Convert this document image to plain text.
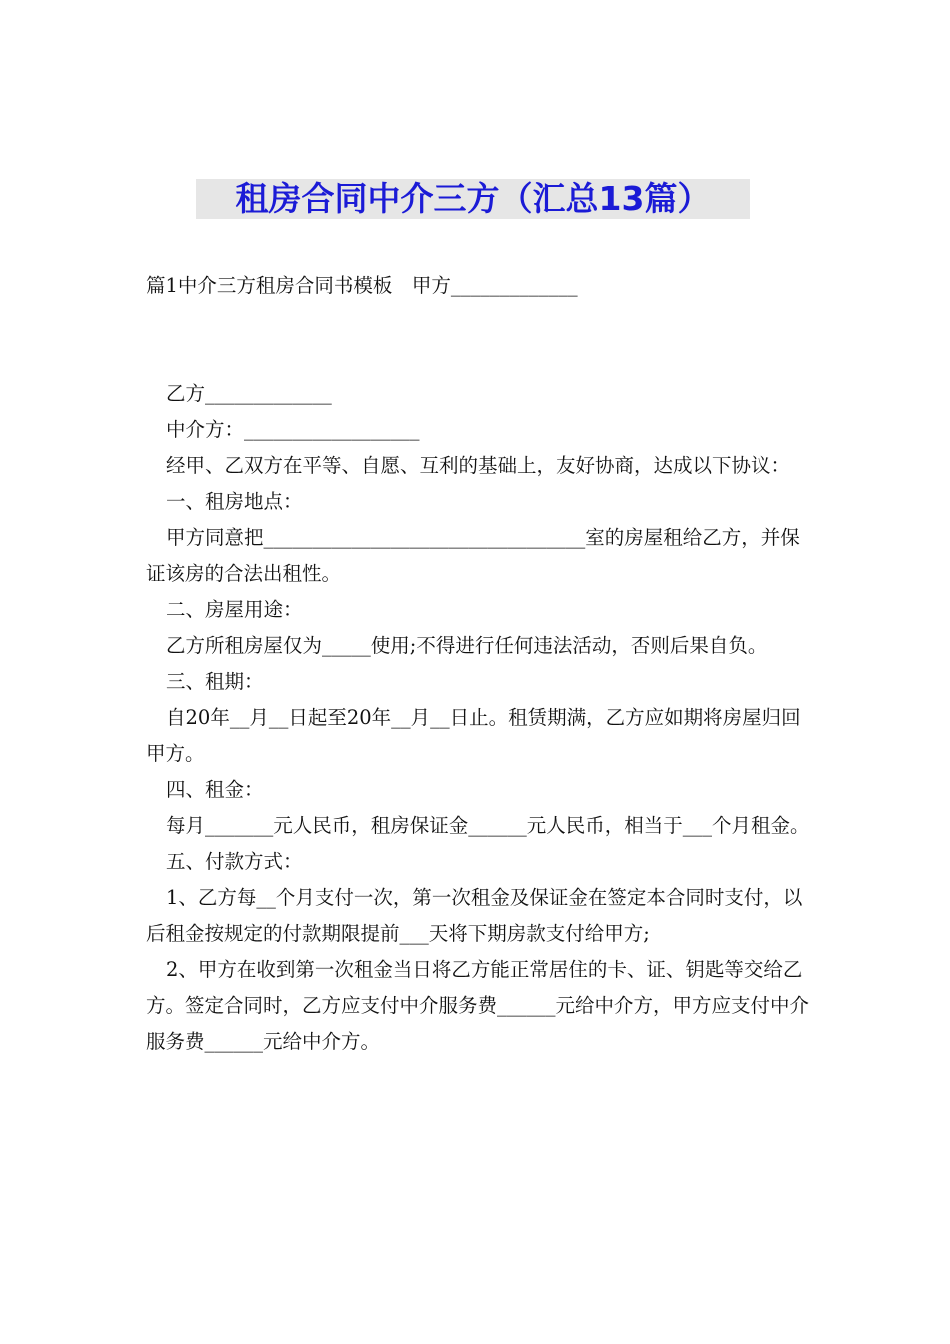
租房合同中介三方（汇总13篇）

篇1中介三方租房合同书模板　甲方_____________

乙方_____________

中介方：__________________

经甲、乙双方在平等、自愿、互利的基础上，友好协商，达成以下协议：

一、租房地点：

甲方同意把_________________________________室的房屋租给乙方，并保证该房的合法出租性。

二、房屋用途：

乙方所租房屋仅为_____使用;不得进行任何违法活动，否则后果自负。

三、租期：

自20年__月__日起至20年__月__日止。租赁期满，乙方应如期将房屋归回甲方。

四、租金：

每月_______元人民币，租房保证金______元人民币，相当于___个月租金。

五、付款方式：

1、乙方每__个月支付一次，第一次租金及保证金在签定本合同时支付，以后租金按规定的付款期限提前___天将下期房款支付给甲方;

2、甲方在收到第一次租金当日将乙方能正常居住的卡、证、钥匙等交给乙方。签定合同时，乙方应支付中介服务费______元给中介方，甲方应支付中介服务费______元给中介方。
